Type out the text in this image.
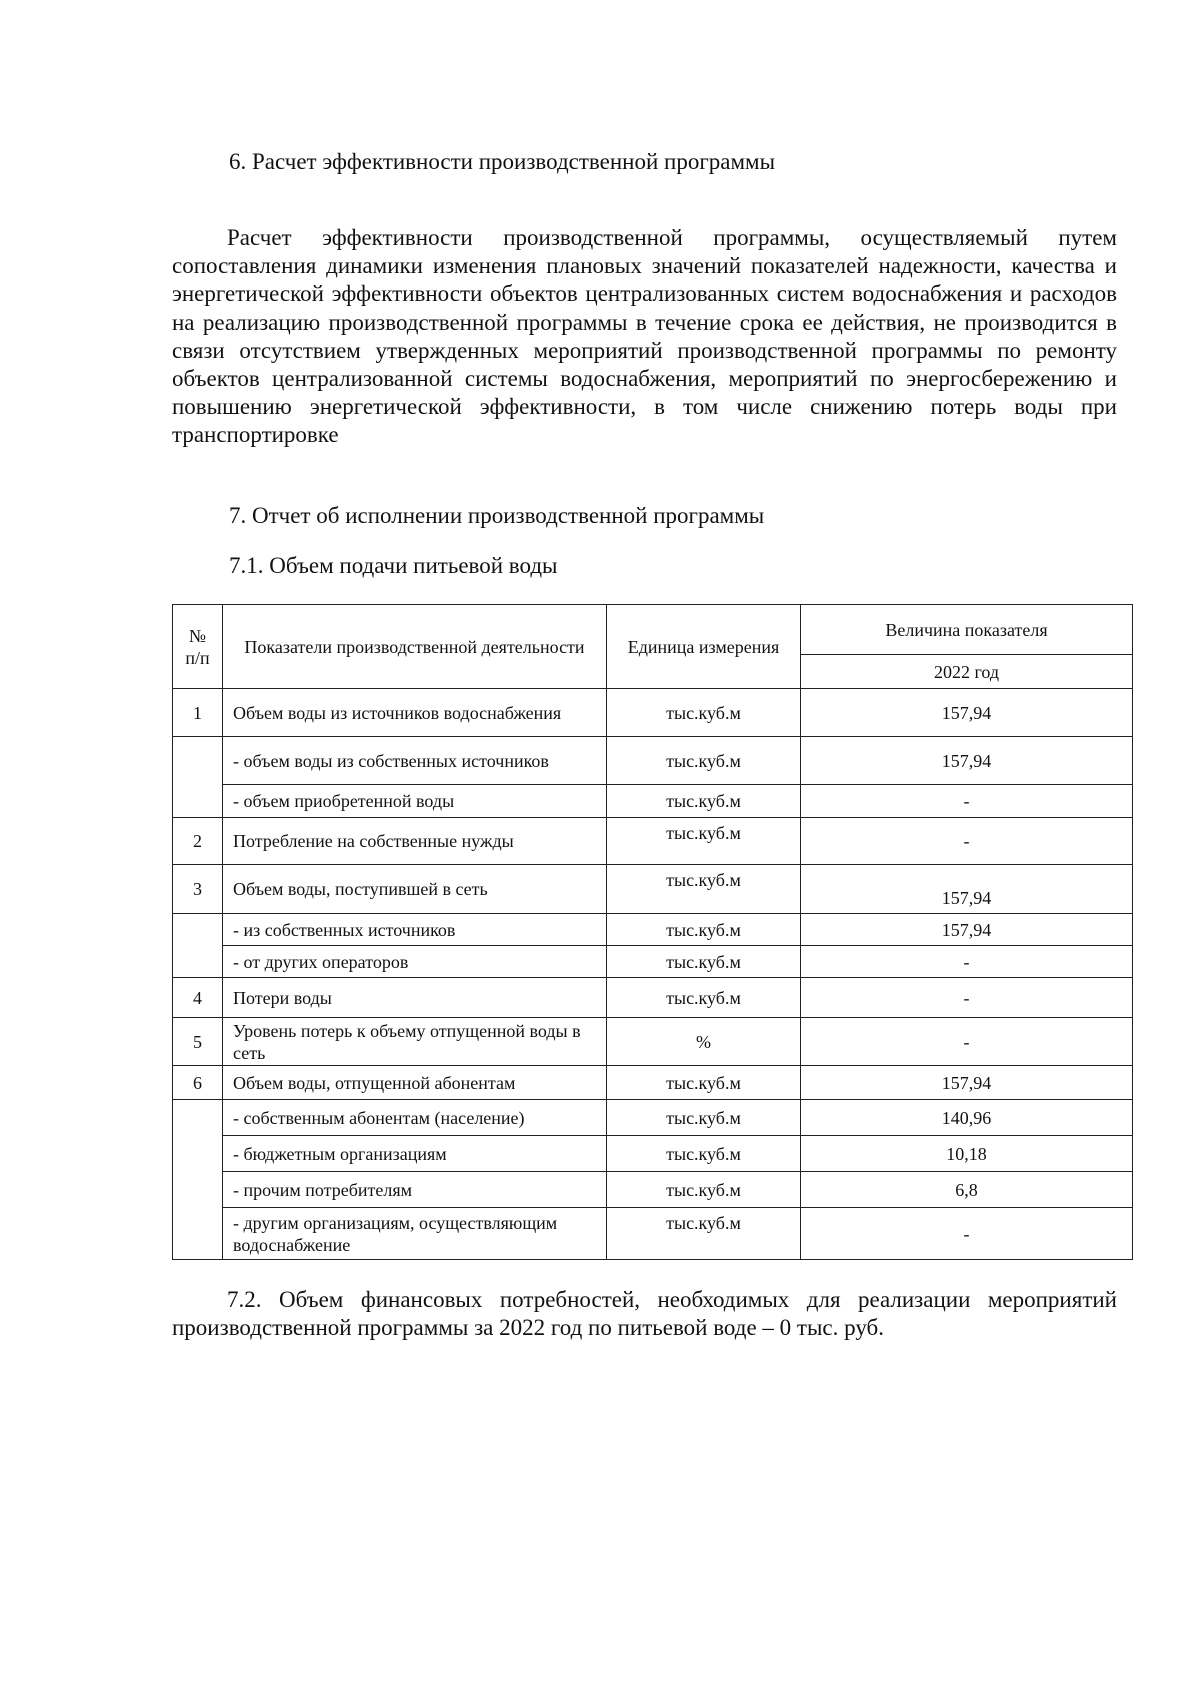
6. Расчет эффективности производственной программы

Расчет эффективности производственной программы, осуществляемый путем сопоставления динамики изменения плановых значений показателей надежности, качества и энергетической эффективности объектов централизованных систем водоснабжения и расходов на реализацию производственной программы в течение срока ее действия, не производится в связи отсутствием утвержденных мероприятий производственной программы по ремонту объектов централизованной системы водоснабжения, мероприятий по энергосбережению и повышению энергетической эффективности, в том числе снижению потерь воды при транспортировке

7. Отчет об исполнении производственной программы
7.1. Объем подачи питьевой воды
№ п/п	Показатели производственной деятельности	Единица измерения	Величина показателя
			2022 год
1	Объем воды из источников водоснабжения	тыс.куб.м	157,94
	- объем воды из собственных источников	тыс.куб.м	157,94
	- объем приобретенной воды	тыс.куб.м	-
2	Потребление на собственные нужды	тыс.куб.м	-
3	Объем воды, поступившей в сеть	тыс.куб.м	157,94
	- из собственных источников	тыс.куб.м	157,94
	- от других операторов	тыс.куб.м	-
4	Потери воды	тыс.куб.м	-
5	Уровень потерь к объему отпущенной воды в сеть	%	-
6	Объем воды, отпущенной абонентам	тыс.куб.м	157,94
	- собственным абонентам (население)	тыс.куб.м	140,96
	- бюджетным организациям	тыс.куб.м	10,18
	- прочим потребителям	тыс.куб.м	6,8
	- другим организациям, осуществляющим водоснабжение	тыс.куб.м	-

7.2. Объем финансовых потребностей, необходимых для реализации мероприятий производственной программы за 2022 год по питьевой воде – 0 тыс. руб.
